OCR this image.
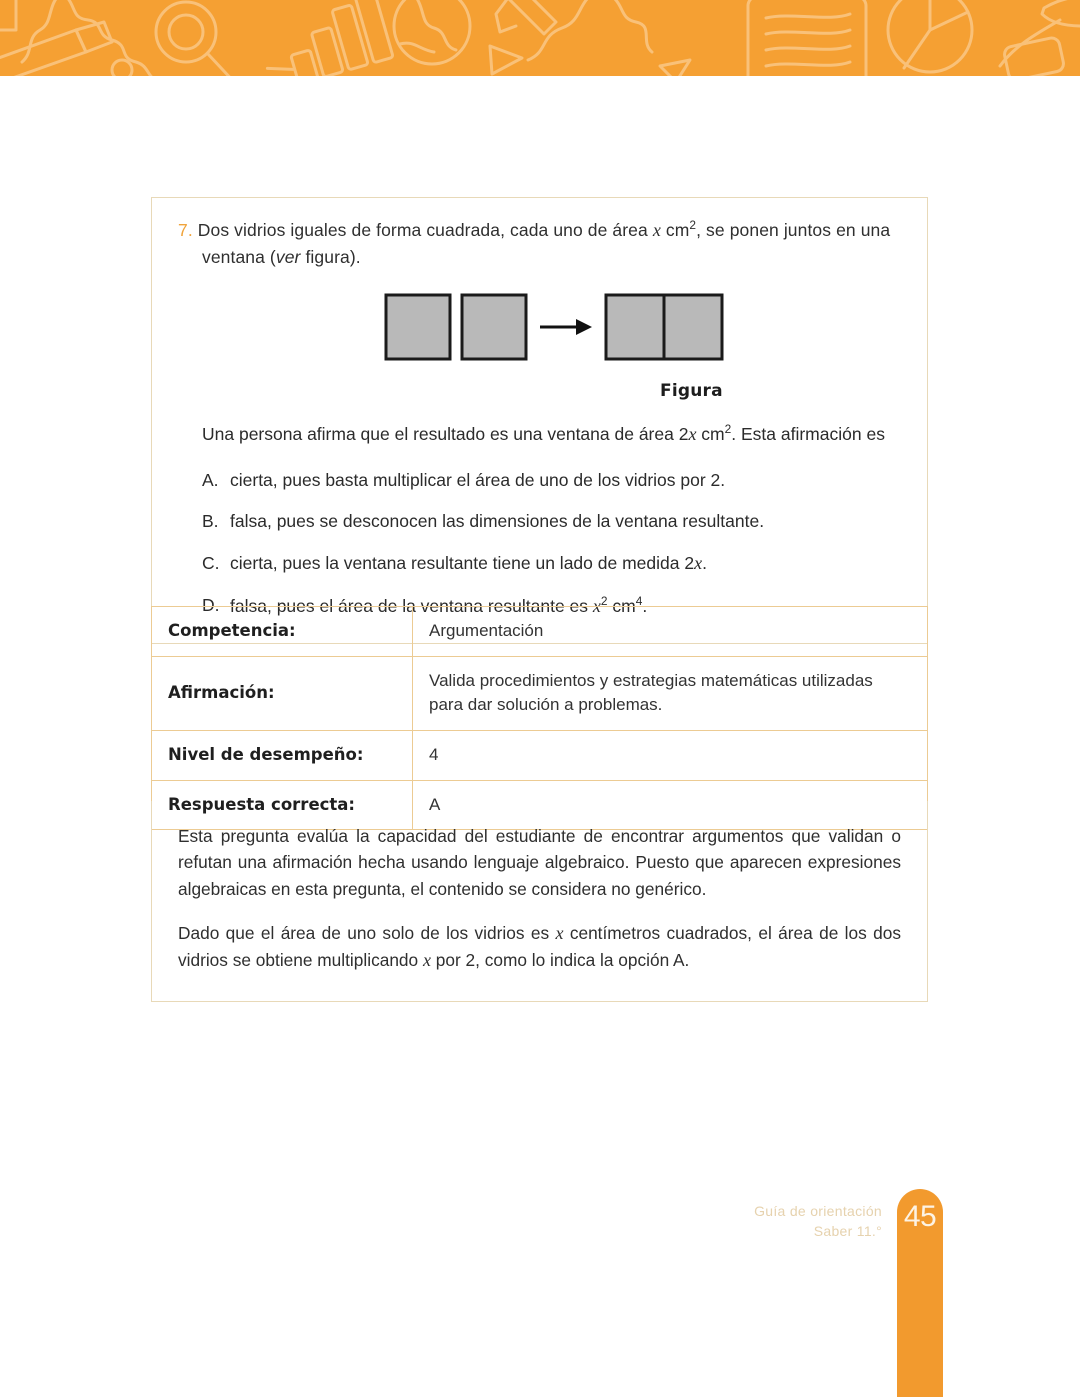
7. Dos vidrios iguales de forma cuadrada, cada uno de área x $cm^2$, se ponen juntos en una ventana (ver figura).
Figura
Una persona afirma que el resultado es una ventana de área 2x $cm^2$. Esta afirmación es
A. cierta, pues basta multiplicar el área de uno de los vidrios por 2.
B. falsa, pues se desconocen las dimensiones de la ventana resultante.
C. cierta, pues la ventana resultante tiene un lado de medida 2x.
D. falsa, pues el área de la ventana resultante es $x^2$ $cm^4$.
Competencia:	Argumentación
Afirmación:	Valida procedimientos y estrategias matemáticas utilizadas para dar solución a problemas.
Nivel de desempeño:	4
Respuesta correcta:	A

Esta pregunta evalúa la capacidad del estudiante de encontrar argumentos que validan o refutan una afirmación hecha usando lenguaje algebraico. Puesto que aparecen expresiones algebraicas en esta pregunta, el contenido se considera no genérico.

Dado que el área de uno solo de los vidrios es x centímetros cuadrados, el área de los dos vidrios se obtiene multiplicando x por 2, como lo indica la opción A.

Guía de orientación
Saber 11.° 45
